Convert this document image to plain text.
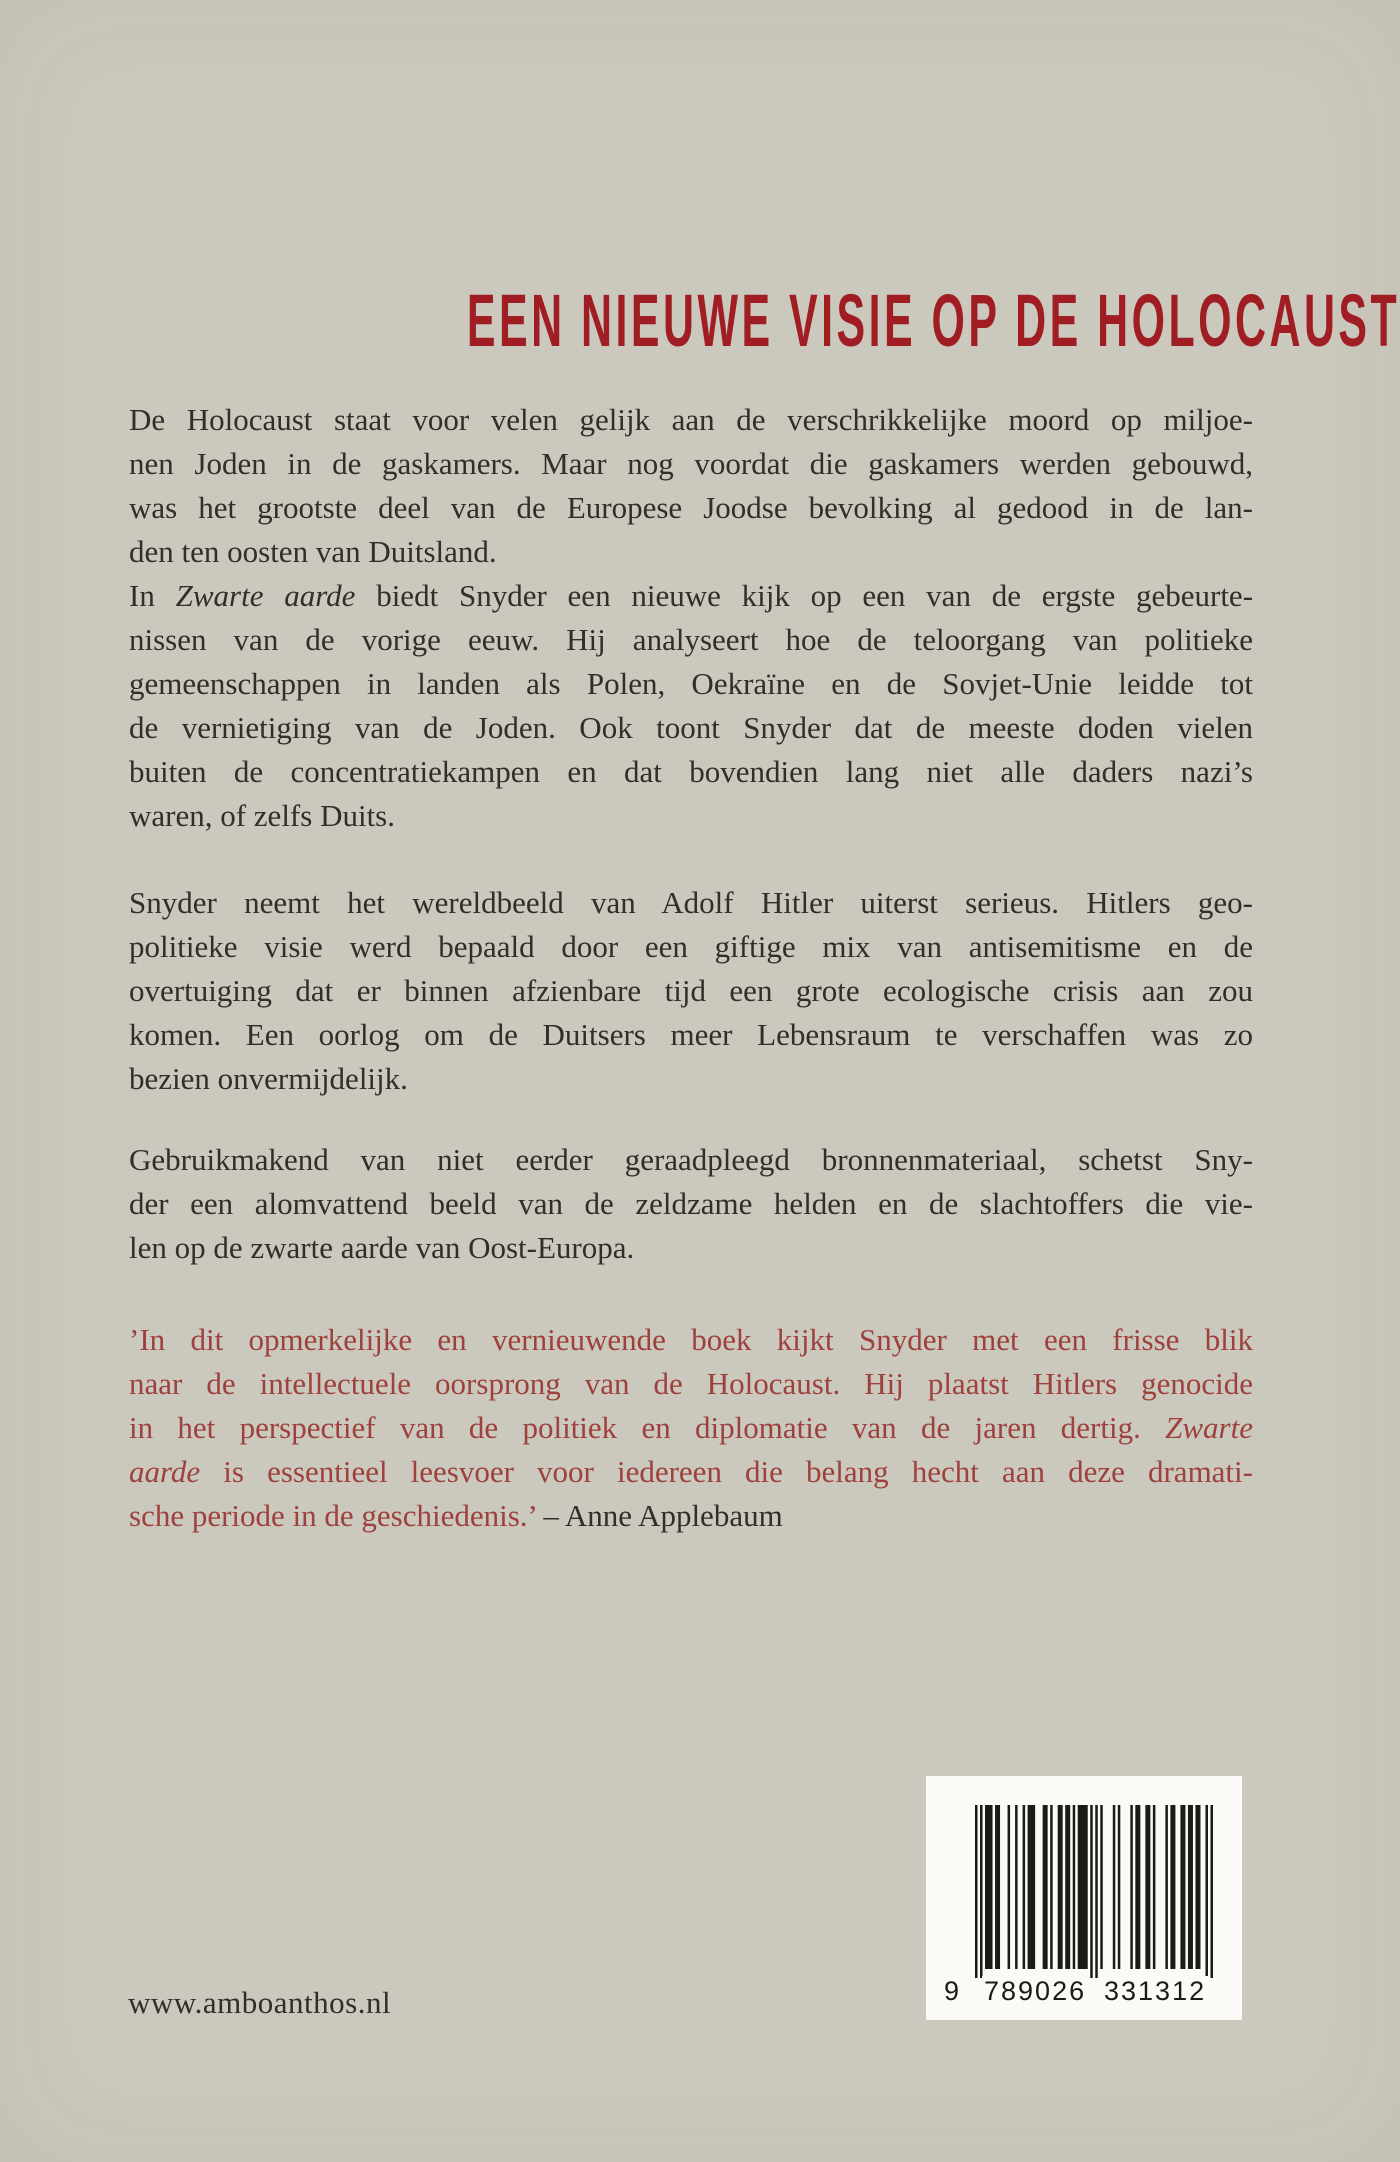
EEN NIEUWE VISIE OP DE HOLOCAUST
De Holocaust staat voor velen gelijk aan de verschrikkelijke moord op miljoe-
nen Joden in de gaskamers. Maar nog voordat die gaskamers werden gebouwd,
was het grootste deel van de Europese Joodse bevolking al gedood in de lan-
den ten oosten van Duitsland.
In Zwarte aarde biedt Snyder een nieuwe kijk op een van de ergste gebeurte-
nissen van de vorige eeuw. Hij analyseert hoe de teloorgang van politieke
gemeenschappen in landen als Polen, Oekraïne en de Sovjet-Unie leidde tot
de vernietiging van de Joden. Ook toont Snyder dat de meeste doden vielen
buiten de concentratiekampen en dat bovendien lang niet alle daders nazi’s
waren, of zelfs Duits.
Snyder neemt het wereldbeeld van Adolf Hitler uiterst serieus. Hitlers geo-
politieke visie werd bepaald door een giftige mix van antisemitisme en de
overtuiging dat er binnen afzienbare tijd een grote ecologische crisis aan zou
komen. Een oorlog om de Duitsers meer Lebensraum te verschaffen was zo
bezien onvermijdelijk.
Gebruikmakend van niet eerder geraadpleegd bronnenmateriaal, schetst Sny-
der een alomvattend beeld van de zeldzame helden en de slachtoffers die vie-
len op de zwarte aarde van Oost-Europa.
’In dit opmerkelijke en vernieuwende boek kijkt Snyder met een frisse blik
naar de intellectuele oorsprong van de Holocaust. Hij plaatst Hitlers genocide
in het perspectief van de politiek en diplomatie van de jaren dertig. Zwarte
aarde is essentieel leesvoer voor iedereen die belang hecht aan deze dramati-
sche periode in de geschiedenis.’ – Anne Applebaum
www.amboanthos.nl	9 789026 331312
